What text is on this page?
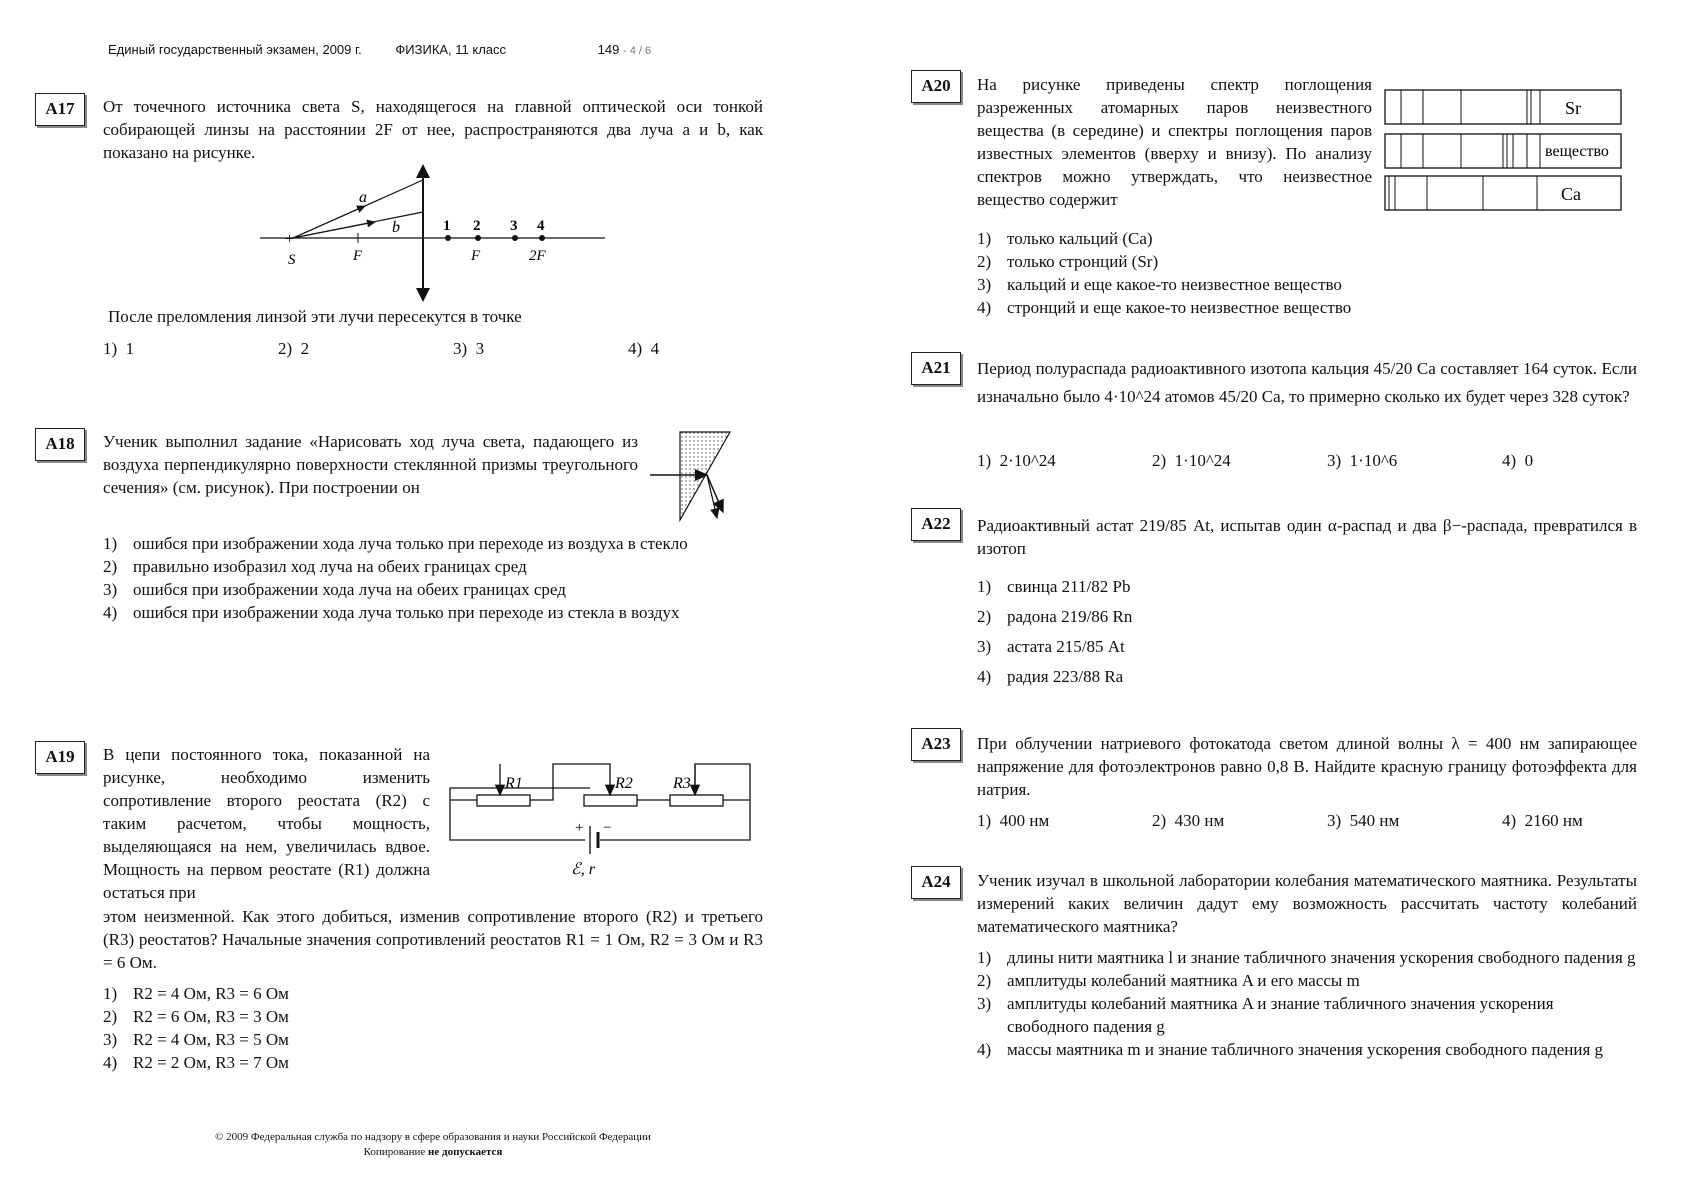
Единый государственный экзамен, 2009 г.	ФИЗИКА, 11 класс	149 - 4 / 6
А17	От точечного источника света S, находящегося на главной оптической оси тонкой собирающей линзы на расстоянии 2F от нее, распространяются два луча a и b, как показано на рисунке.
+
a
b
S	F
1 2 3 4
F	2F
После преломления линзой эти лучи пересекутся в точке
1) 1	2) 2	3) 3	4) 4
А18	Ученик выполнил задание «Нарисовать ход луча света, падающего из воздуха перпендикулярно поверхности стеклянной призмы треугольного сечения» (см. рисунок). При построении он
1) ошибся при изображении хода луча только при переходе из воздуха в стекло
2) правильно изобразил ход луча на обеих границах сред
3) ошибся при изображении хода луча на обеих границах сред
4) ошибся при изображении хода луча только при переходе из стекла в воздух
А19	В цепи постоянного тока, показанной на рисунке, необходимо изменить сопротивление второго реостата (R2) с таким расчетом, чтобы мощность, выделяющаяся на нем, увеличилась вдвое. Мощность на первом реостате (R1) должна остаться при
R1	R2	R3
+ −
ℰ, r
этом неизменной. Как этого добиться, изменив сопротивление второго (R2) и третьего (R3) реостатов? Начальные значения сопротивлений реостатов R1 = 1 Ом, R2 = 3 Ом и R3 = 6 Ом.
1) R2 = 4 Ом, R3 = 6 Ом
2) R2 = 6 Ом, R3 = 3 Ом
3) R2 = 4 Ом, R3 = 5 Ом
4) R2 = 2 Ом, R3 = 7 Ом
© 2009 Федеральная служба по надзору в сфере образования и науки Российской Федерации
Копирование не допускается
А20	На рисунке приведены спектр поглощения разреженных атомарных паров неизвестного вещества (в середине) и спектры поглощения паров известных элементов (вверху и внизу). По анализу спектров можно утверждать, что неизвестное вещество содержит
Sr
вещество
Ca
1) только кальций (Ca)
2) только стронций (Sr)
3) кальций и еще какое-то неизвестное вещество
4) стронций и еще какое-то неизвестное вещество
А21	Период полураспада радиоактивного изотопа кальция 45/20 Ca составляет 164 суток. Если изначально было 4·10^24 атомов 45/20 Ca, то примерно сколько их будет через 328 суток?
1) 2·10^24	2) 1·10^24	3) 1·10^6	4) 0
А22	Радиоактивный астат 219/85 At, испытав один α-распад и два β−-распада, превратился в изотоп
1) свинца 211/82 Pb
2) радона 219/86 Rn
3) астата 215/85 At
4) радия 223/88 Ra
А23	При облучении натриевого фотокатода светом длиной волны λ = 400 нм запирающее напряжение для фотоэлектронов равно 0,8 В. Найдите красную границу фотоэффекта для натрия.
1) 400 нм	2) 430 нм	3) 540 нм	4) 2160 нм
А24	Ученик изучал в школьной лаборатории колебания математического маятника. Результаты измерений каких величин дадут ему возможность рассчитать частоту колебаний математического маятника?
1) длины нити маятника l и знание табличного значения ускорения свободного падения g
2) амплитуды колебаний маятника A и его массы m
3) амплитуды колебаний маятника A и знание табличного значения ускорения свободного падения g
4) массы маятника m и знание табличного значения ускорения свободного падения g
